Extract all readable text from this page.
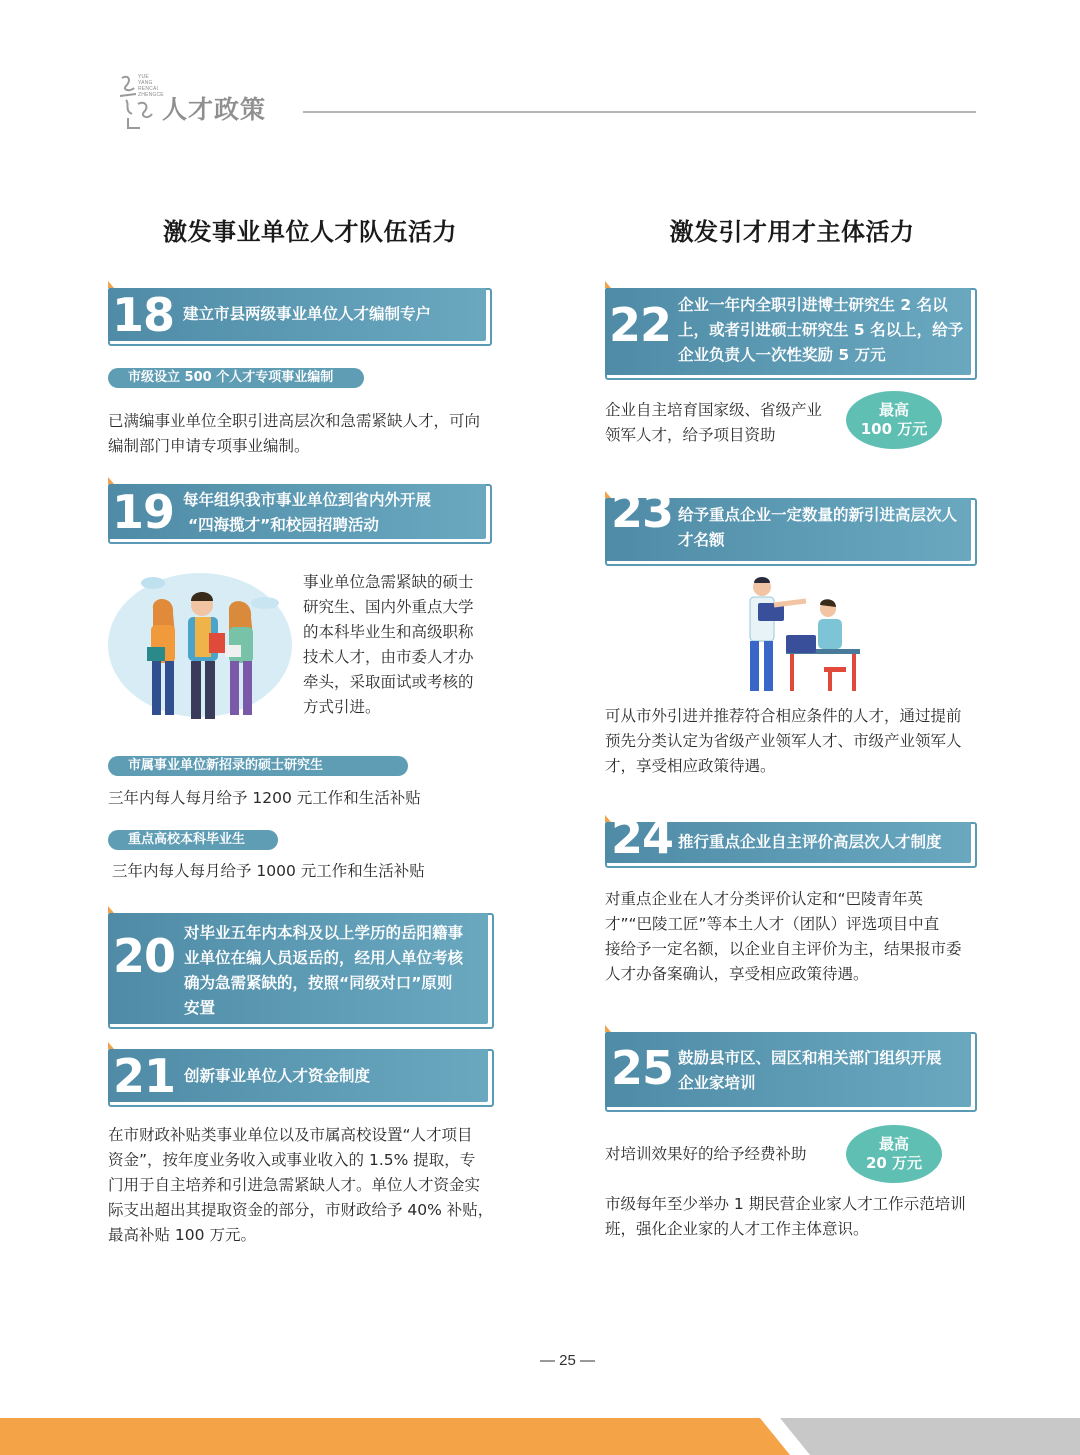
YUE YANG RENCAI ZHENGCE
人才政策
激发事业单位人才队伍活力	激发引才用才主体活力
18 建立市县两级事业单位人才编制专户
市级设立 500 个人才专项事业编制
已满编事业单位全职引进高层次和急需紧缺人才，可向
编制部门申请专项事业编制。
19 每年组织我市事业单位到省内外开展
“四海揽才”和校园招聘活动
事业单位急需紧缺的硕士
研究生、国内外重点大学
的本科毕业生和高级职称
技术人才，由市委人才办
牵头，采取面试或考核的
方式引进。
市属事业单位新招录的硕士研究生
三年内每人每月给予 1200 元工作和生活补贴
重点高校本科毕业生
三年内每人每月给予 1000 元工作和生活补贴
20 对毕业五年内本科及以上学历的岳阳籍事
业单位在编人员返岳的，经用人单位考核
确为急需紧缺的，按照“同级对口”原则
安置
21 创新事业单位人才资金制度
在市财政补贴类事业单位以及市属高校设置“人才项目
资金”，按年度业务收入或事业收入的 1.5% 提取，专
门用于自主培养和引进急需紧缺人才。单位人才资金实
际支出超出其提取资金的部分，市财政给予 40% 补贴，
最高补贴 100 万元。
22 企业一年内全职引进博士研究生 2 名以
上，或者引进硕士研究生 5 名以上，给予
企业负责人一次性奖励 5 万元
企业自主培育国家级、省级产业
领军人才，给予项目资助
最高
100 万元
23 给予重点企业一定数量的新引进高层次人
才名额
可从市外引进并推荐符合相应条件的人才，通过提前
预先分类认定为省级产业领军人才、市级产业领军人
才，享受相应政策待遇。
24 推行重点企业自主评价高层次人才制度
对重点企业在人才分类评价认定和“巴陵青年英
才”“巴陵工匠”等本土人才（团队）评选项目中直
接给予一定名额，以企业自主评价为主，结果报市委
人才办备案确认，享受相应政策待遇。
25 鼓励县市区、园区和相关部门组织开展
企业家培训
对培训效果好的给予经费补助
最高
20 万元
市级每年至少举办 1 期民营企业家人才工作示范培训
班，强化企业家的人才工作主体意识。
— 25 —
